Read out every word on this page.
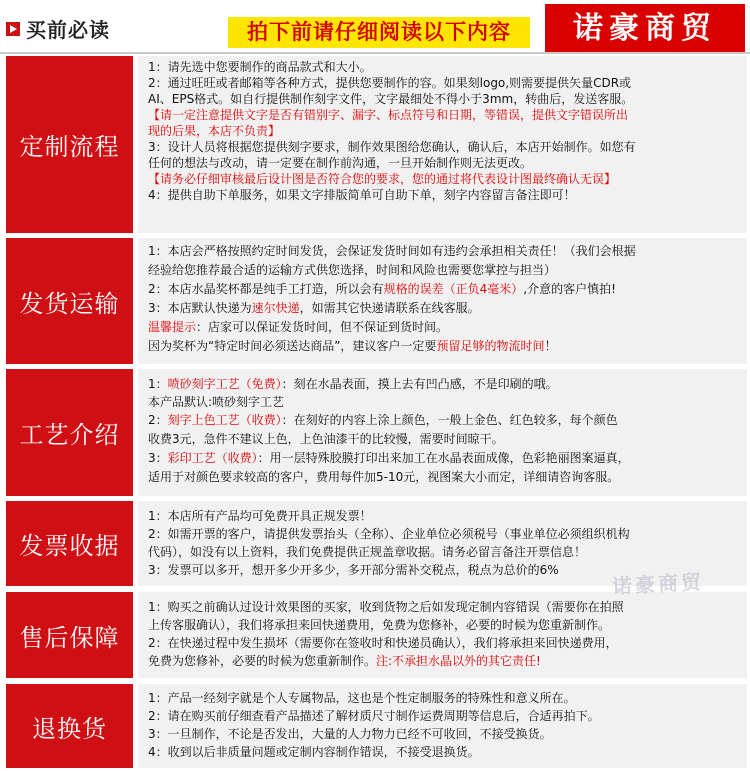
买前必读	拍下前请仔细阅读以下内容	诺豪商贸
定制流程
1：请先选中您要制作的商品款式和大小。
2：通过旺旺或者邮箱等各种方式，提供您要制作的容。如果刻logo,则需要提供矢量CDR或
AI、EPS格式。如自行提供制作刻字文件，文字最细处不得小于3mm，转曲后，发送客服。
【请一定注意提供文字是否有错别字、漏字、标点符号和日期，等错误，提供文字错误所出
现的后果，本店不负责】
3：设计人员将根据您提供刻字要求，制作效果图给您确认，确认后，本店开始制作。如您有
任何的想法与改动，请一定要在制作前沟通，一旦开始制作则无法更改。
【请务必仔细审核最后设计图是否符合您的要求，您的通过将代表设计图最终确认无误】
4：提供自助下单服务，如果文字排版简单可自助下单，刻字内容留言备注即可！
发货运输
1：本店会严格按照约定时间发货，会保证发货时间如有违约会承担相关责任！（我们会根据
经验给您推荐最合适的运输方式供您选择，时间和风险也需要您掌控与担当）
2：本店水晶奖杯都是纯手工打造，所以会有规格的误差（正负4毫米）,介意的客户慎拍!
3：本店默认快递为速尔快递，如需其它快递请联系在线客服。
温馨提示：店家可以保证发货时间，但不保证到货时间。
因为奖杯为“特定时间必须送达商品”，建议客户一定要预留足够的物流时间！
工艺介绍
1：喷砂刻字工艺（免费）：刻在水晶表面，摸上去有凹凸感，不是印刷的哦。
本产品默认:喷砂刻字工艺
2：刻字上色工艺（收费）：在刻好的内容上涂上颜色，一般上金色、红色较多，每个颜色
收费3元，急件不建议上色，上色油漆干的比较慢，需要时间晾干。
3：彩印工艺（收费）：用一层特殊胶膜打印出来加工在水晶表面成像，色彩艳丽图案逼真，
适用于对颜色要求较高的客户，费用每件加5-10元，视图案大小而定，详细请咨询客服。
发票收据
1：本店所有产品均可免费开具正规发票！
2：如需开票的客户，请提供发票抬头（全称）、企业单位必须税号（事业单位必须组织机构
代码），如没有以上资料，我们免费提供正规盖章收据。请务必留言备注开票信息！
3：发票可以多开，想开多少开多少，多开部分需补交税点，税点为总价的6%
售后保障
1：购买之前确认过设计效果图的买家，收到货物之后如发现定制内容错误（需要你在拍照
上传客服确认），我们将承担来回快递费用，免费为您修补，必要的时候为您重新制作。
2：在快递过程中发生损坏（需要你在签收时和快递员确认），我们将承担来回快递费用，
免费为您修补，必要的时候为您重新制作。注:不承担水晶以外的其它责任!
退换货
1：产品一经刻字就是个人专属物品，这也是个性定制服务的特殊性和意义所在。
2：请在购买前仔细查看产品描述了解材质尺寸制作运费周期等信息后，合适再拍下。
3：一旦制作，不论是否发出，大量的人力物力已经不可收回，不接受换货。
4：收到以后非质量问题或定制内容制作错误，不接受退换货。
诺豪商贸
